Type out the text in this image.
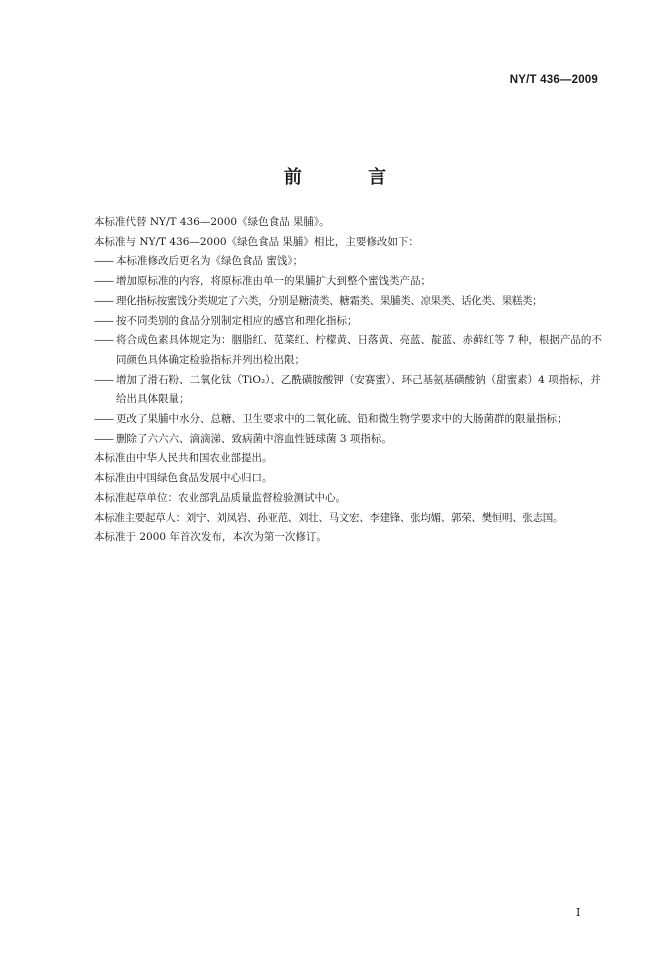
NY/T 436—2009
前 言
本标准代替 NY/T 436—2000《绿色食品 果脯》。
本标准与 NY/T 436—2000《绿色食品 果脯》相比，主要修改如下：
—— 本标准修改后更名为《绿色食品 蜜饯》；
—— 增加原标准的内容，将原标准由单一的果脯扩大到整个蜜饯类产品；
—— 理化指标按蜜饯分类规定了六类，分别是糖渍类、糖霜类、果脯类、凉果类、话化类、果糕类；
—— 按不同类别的食品分别制定相应的感官和理化指标；
—— 将合成色素具体规定为：胭脂红、苋菜红、柠檬黄、日落黄、亮蓝、靛蓝、赤藓红等 7 种，根据产品的不同颜色具体确定检验指标并列出检出限；
—— 增加了滑石粉、二氧化钛（TiO₂）、乙酰磺胺酸钾（安赛蜜）、环己基氨基磺酸钠（甜蜜素）4 项指标，并给出具体限量；
—— 更改了果脯中水分、总糖、卫生要求中的二氧化硫、铅和微生物学要求中的大肠菌群的限量指标；
—— 删除了六六六、滴滴涕、致病菌中溶血性链球菌 3 项指标。
本标准由中华人民共和国农业部提出。
本标准由中国绿色食品发展中心归口。
本标准起草单位：农业部乳品质量监督检验测试中心。
本标准主要起草人：刘宁、刘凤岩、孙亚范、刘壮、马文宏、李建锋、张均媚、郭荣、樊恒明、张志国。
本标准于 2000 年首次发布，本次为第一次修订。
I
